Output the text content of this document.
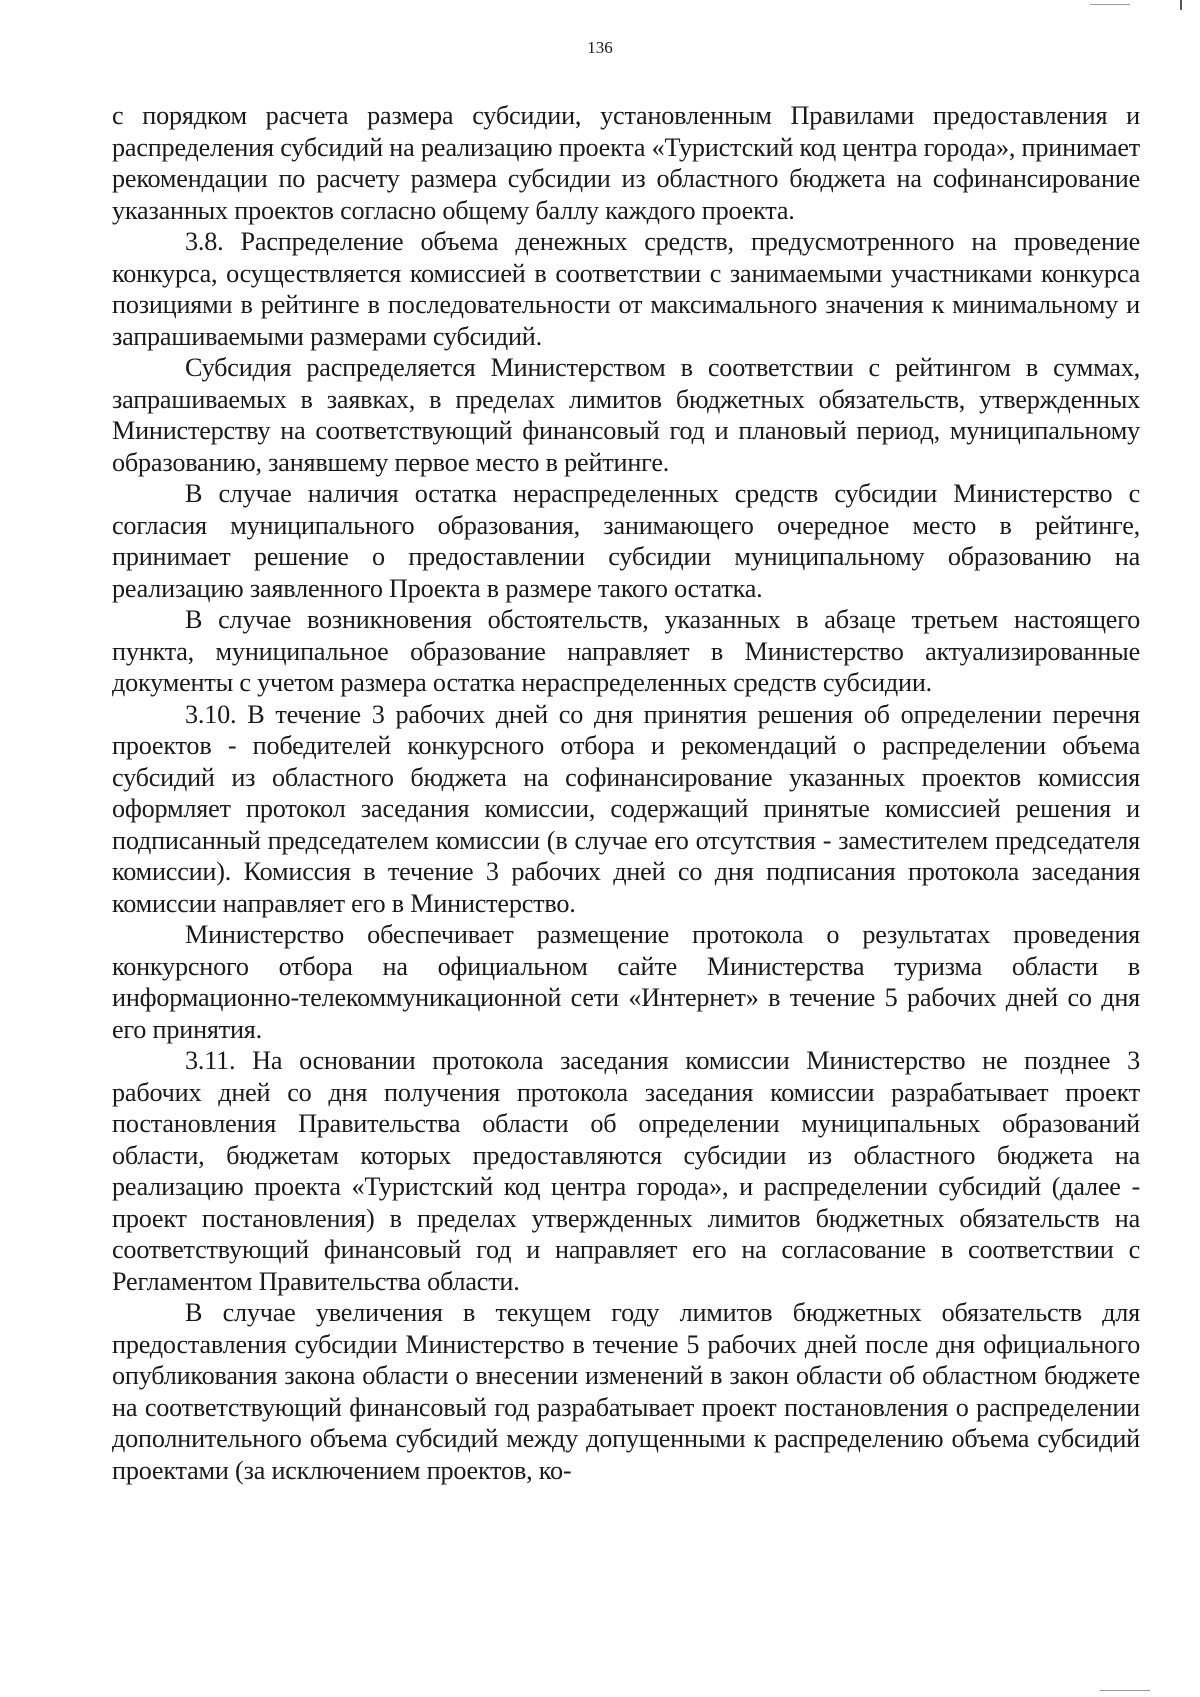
136

с порядком расчета размера субсидии, установленным Правилами предоставления и распределения субсидий на реализацию проекта «Туристский код центра города», принимает рекомендации по расчету размера субсидии из областного бюджета на софинансирование указанных проектов согласно общему баллу каждого проекта.

3.8. Распределение объема денежных средств, предусмотренного на проведение конкурса, осуществляется комиссией в соответствии с занимаемыми участниками конкурса позициями в рейтинге в последовательности от максимального значения к минимальному и запрашиваемыми размерами субсидий.

Субсидия распределяется Министерством в соответствии с рейтингом в суммах, запрашиваемых в заявках, в пределах лимитов бюджетных обязательств, утвержденных Министерству на соответствующий финансовый год и плановый период, муниципальному образованию, занявшему первое место в рейтинге.

В случае наличия остатка нераспределенных средств субсидии Министерство с согласия муниципального образования, занимающего очередное место в рейтинге, принимает решение о предоставлении субсидии муниципальному образованию на реализацию заявленного Проекта в размере такого остатка.

В случае возникновения обстоятельств, указанных в абзаце третьем настоящего пункта, муниципальное образование направляет в Министерство актуализированные документы с учетом размера остатка нераспределенных средств субсидии.

3.10. В течение 3 рабочих дней со дня принятия решения об определении перечня проектов - победителей конкурсного отбора и рекомендаций о распределении объема субсидий из областного бюджета на софинансирование указанных проектов комиссия оформляет протокол заседания комиссии, содержащий принятые комиссией решения и подписанный председателем комиссии (в случае его отсутствия - заместителем председателя комиссии). Комиссия в течение 3 рабочих дней со дня подписания протокола заседания комиссии направляет его в Министерство.

Министерство обеспечивает размещение протокола о результатах проведения конкурсного отбора на официальном сайте Министерства туризма области в информационно-телекоммуникационной сети «Интернет» в течение 5 рабочих дней со дня его принятия.

3.11. На основании протокола заседания комиссии Министерство не позднее 3 рабочих дней со дня получения протокола заседания комиссии разрабатывает проект постановления Правительства области об определении муниципальных образований области, бюджетам которых предоставляются субсидии из областного бюджета на реализацию проекта «Туристский код центра города», и распределении субсидий (далее - проект постановления) в пределах утвержденных лимитов бюджетных обязательств на соответствующий финансовый год и направляет его на согласование в соответствии с Регламентом Правительства области.

В случае увеличения в текущем году лимитов бюджетных обязательств для предоставления субсидии Министерство в течение 5 рабочих дней после дня официального опубликования закона области о внесении изменений в закон области об областном бюджете на соответствующий финансовый год разрабатывает проект постановления о распределении дополнительного объема субсидий между допущенными к распределению объема субсидий проектами (за исключением проектов, ко-
